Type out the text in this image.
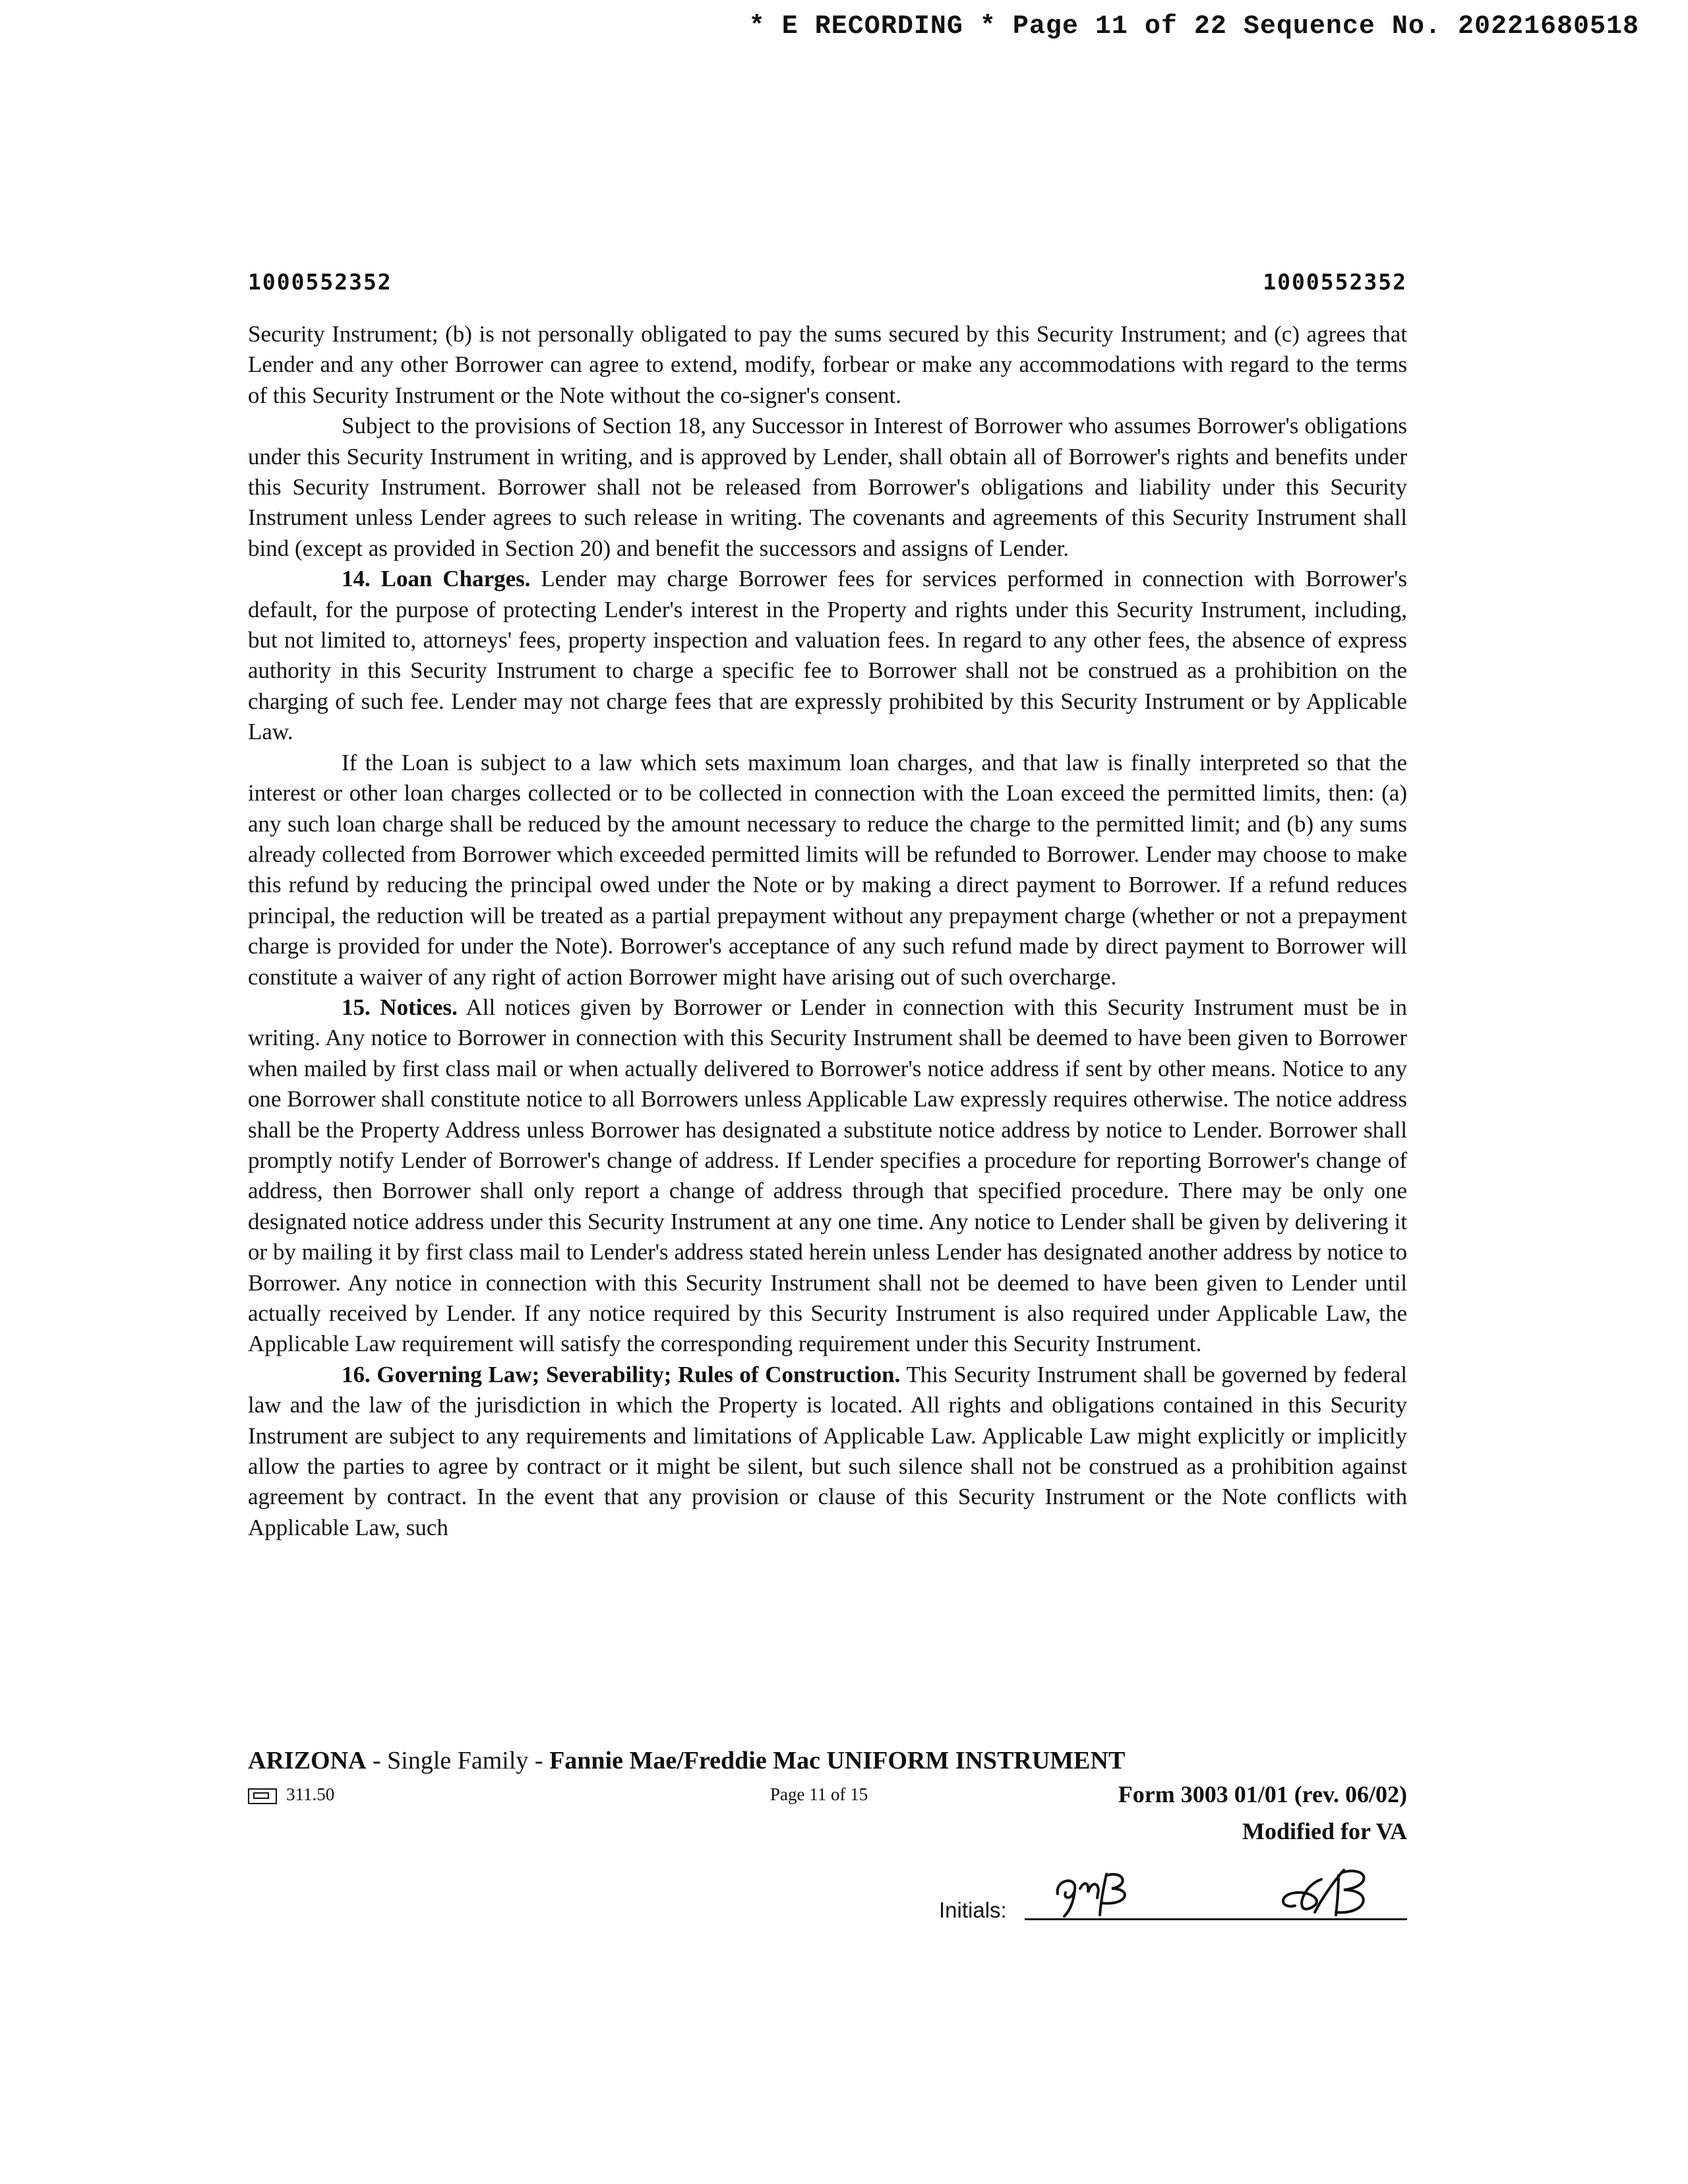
* E RECORDING * Page 11 of 22 Sequence No. 20221680518
1000552352	1000552352

Security Instrument; (b) is not personally obligated to pay the sums secured by this Security Instrument; and (c) agrees that Lender and any other Borrower can agree to extend, modify, forbear or make any accommodations with regard to the terms of this Security Instrument or the Note without the co-signer's consent.

Subject to the provisions of Section 18, any Successor in Interest of Borrower who assumes Borrower's obligations under this Security Instrument in writing, and is approved by Lender, shall obtain all of Borrower's rights and benefits under this Security Instrument. Borrower shall not be released from Borrower's obligations and liability under this Security Instrument unless Lender agrees to such release in writing. The covenants and agreements of this Security Instrument shall bind (except as provided in Section 20) and benefit the successors and assigns of Lender.

14. Loan Charges. Lender may charge Borrower fees for services performed in connection with Borrower's default, for the purpose of protecting Lender's interest in the Property and rights under this Security Instrument, including, but not limited to, attorneys' fees, property inspection and valuation fees. In regard to any other fees, the absence of express authority in this Security Instrument to charge a specific fee to Borrower shall not be construed as a prohibition on the charging of such fee. Lender may not charge fees that are expressly prohibited by this Security Instrument or by Applicable Law.

If the Loan is subject to a law which sets maximum loan charges, and that law is finally interpreted so that the interest or other loan charges collected or to be collected in connection with the Loan exceed the permitted limits, then: (a) any such loan charge shall be reduced by the amount necessary to reduce the charge to the permitted limit; and (b) any sums already collected from Borrower which exceeded permitted limits will be refunded to Borrower. Lender may choose to make this refund by reducing the principal owed under the Note or by making a direct payment to Borrower. If a refund reduces principal, the reduction will be treated as a partial prepayment without any prepayment charge (whether or not a prepayment charge is provided for under the Note). Borrower's acceptance of any such refund made by direct payment to Borrower will constitute a waiver of any right of action Borrower might have arising out of such overcharge.

15. Notices. All notices given by Borrower or Lender in connection with this Security Instrument must be in writing. Any notice to Borrower in connection with this Security Instrument shall be deemed to have been given to Borrower when mailed by first class mail or when actually delivered to Borrower's notice address if sent by other means. Notice to any one Borrower shall constitute notice to all Borrowers unless Applicable Law expressly requires otherwise. The notice address shall be the Property Address unless Borrower has designated a substitute notice address by notice to Lender. Borrower shall promptly notify Lender of Borrower's change of address. If Lender specifies a procedure for reporting Borrower's change of address, then Borrower shall only report a change of address through that specified procedure. There may be only one designated notice address under this Security Instrument at any one time. Any notice to Lender shall be given by delivering it or by mailing it by first class mail to Lender's address stated herein unless Lender has designated another address by notice to Borrower. Any notice in connection with this Security Instrument shall not be deemed to have been given to Lender until actually received by Lender. If any notice required by this Security Instrument is also required under Applicable Law, the Applicable Law requirement will satisfy the corresponding requirement under this Security Instrument.

16. Governing Law; Severability; Rules of Construction. This Security Instrument shall be governed by federal law and the law of the jurisdiction in which the Property is located. All rights and obligations contained in this Security Instrument are subject to any requirements and limitations of Applicable Law. Applicable Law might explicitly or implicitly allow the parties to agree by contract or it might be silent, but such silence shall not be construed as a prohibition against agreement by contract. In the event that any provision or clause of this Security Instrument or the Note conflicts with Applicable Law, such

ARIZONA - Single Family - Fannie Mae/Freddie Mac UNIFORM INSTRUMENT
311.50	Page 11 of 15	Form 3003 01/01 (rev. 06/02)
Modified for VA
Initials:
